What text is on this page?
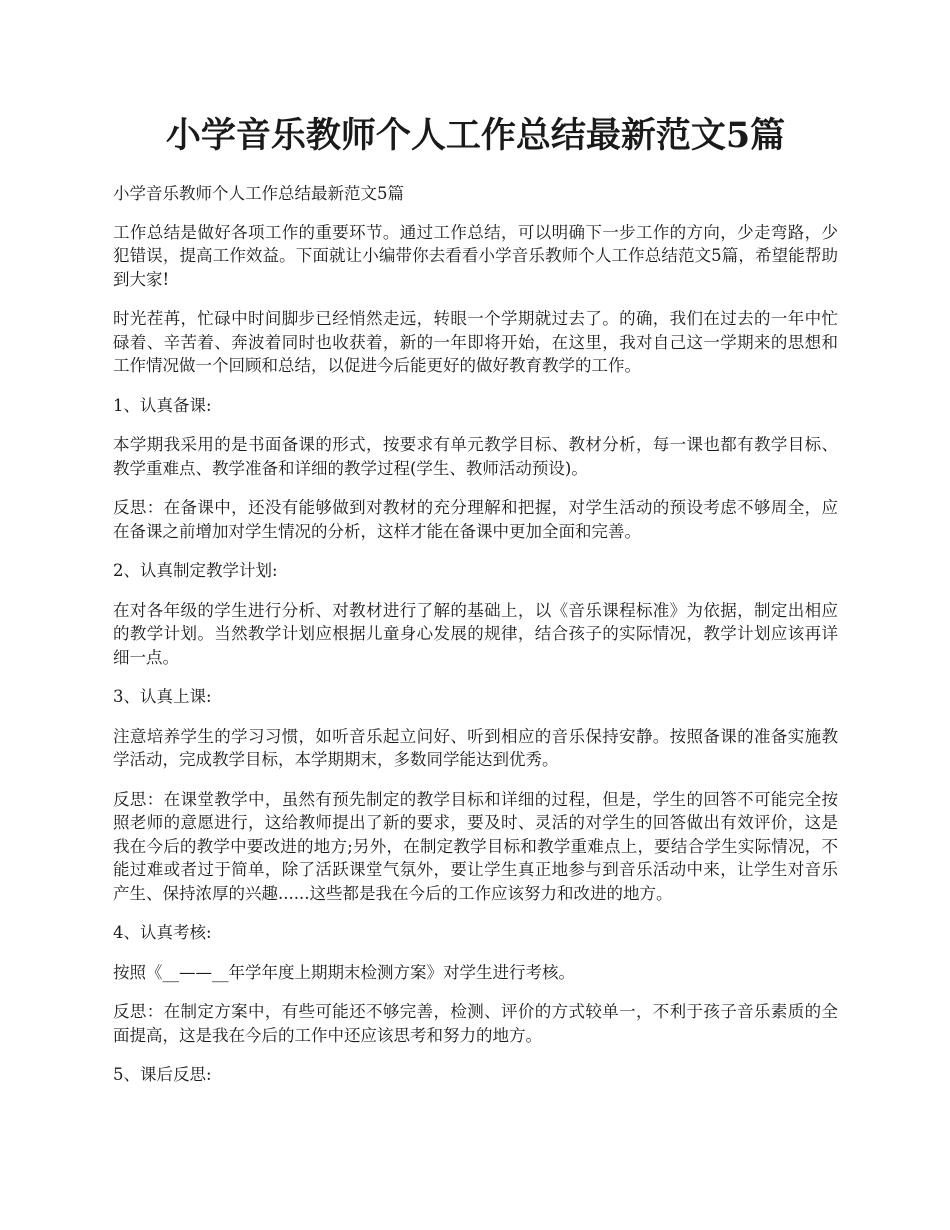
小学音乐教师个人工作总结最新范文5篇

小学音乐教师个人工作总结最新范文5篇

工作总结是做好各项工作的重要环节。通过工作总结，可以明确下一步工作的方向，少走弯路，少犯错误，提高工作效益。下面就让小编带你去看看小学音乐教师个人工作总结范文5篇，希望能帮助到大家!

时光茬苒，忙碌中时间脚步已经悄然走远，转眼一个学期就过去了。的确，我们在过去的一年中忙碌着、辛苦着、奔波着同时也收获着，新的一年即将开始，在这里，我对自己这一学期来的思想和工作情况做一个回顾和总结，以促进今后能更好的做好教育教学的工作。

1、认真备课:

本学期我采用的是书面备课的形式，按要求有单元教学目标、教材分析，每一课也都有教学目标、教学重难点、教学准备和详细的教学过程(学生、教师活动预设)。

反思：在备课中，还没有能够做到对教材的充分理解和把握，对学生活动的预设考虑不够周全，应在备课之前增加对学生情况的分析，这样才能在备课中更加全面和完善。

2、认真制定教学计划:

在对各年级的学生进行分析、对教材进行了解的基础上，以《音乐课程标准》为依据，制定出相应的教学计划。当然教学计划应根据儿童身心发展的规律，结合孩子的实际情况，教学计划应该再详细一点。

3、认真上课:

注意培养学生的学习习惯，如听音乐起立问好、听到相应的音乐保持安静。按照备课的准备实施教学活动，完成教学目标，本学期期末，多数同学能达到优秀。

反思：在课堂教学中，虽然有预先制定的教学目标和详细的过程，但是，学生的回答不可能完全按照老师的意愿进行，这给教师提出了新的要求，要及时、灵活的对学生的回答做出有效评价，这是我在今后的教学中要改进的地方;另外，在制定教学目标和教学重难点上，要结合学生实际情况，不能过难或者过于简单，除了活跃课堂气氛外，要让学生真正地参与到音乐活动中来，让学生对音乐产生、保持浓厚的兴趣......这些都是我在今后的工作应该努力和改进的地方。

4、认真考核:

按照《__——__年学年度上期期末检测方案》对学生进行考核。

反思：在制定方案中，有些可能还不够完善，检测、评价的方式较单一，不利于孩子音乐素质的全面提高，这是我在今后的工作中还应该思考和努力的地方。

5、课后反思:
